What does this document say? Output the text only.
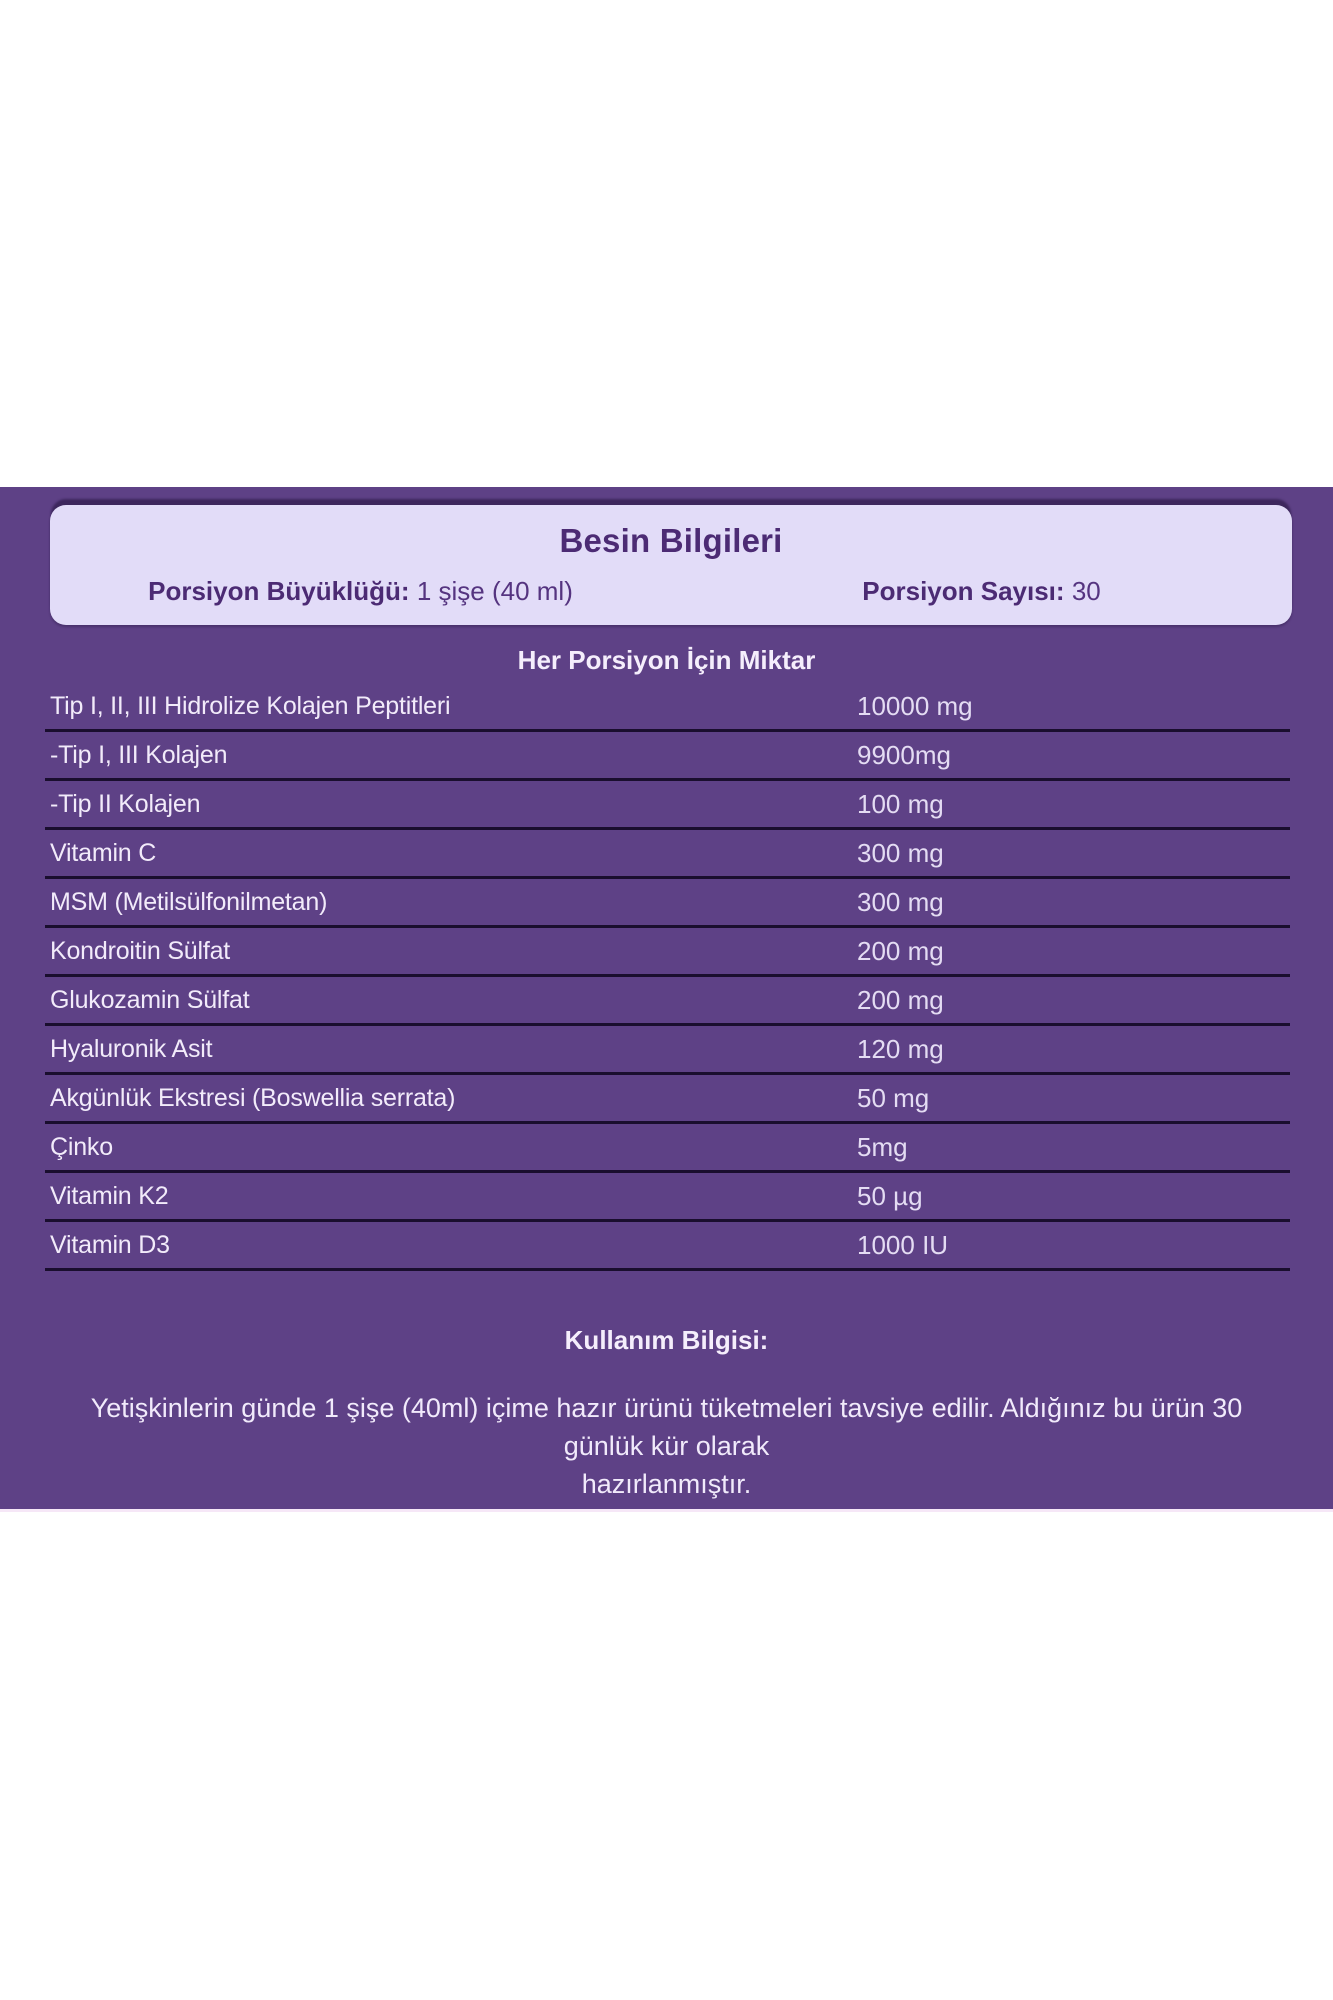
Besin Bilgileri
Porsiyon Büyüklüğü: 1 şişe (40 ml)	Porsiyon Sayısı: 30
Her Porsiyon İçin Miktar
Tip I, II, III Hidrolize Kolajen Peptitleri	10000 mg
-Tip I, III Kolajen	9900mg
-Tip II Kolajen	100 mg
Vitamin C	300 mg
MSM (Metilsülfonilmetan)	300 mg
Kondroitin Sülfat	200 mg
Glukozamin Sülfat	200 mg
Hyaluronik Asit	120 mg
Akgünlük Ekstresi (Boswellia serrata)	50 mg
Çinko	5mg
Vitamin K2	50 µg
Vitamin D3	1000 IU
Kullanım Bilgisi:
Yetişkinlerin günde 1 şişe (40ml) içime hazır ürünü tüketmeleri tavsiye edilir. Aldığınız bu ürün 30 günlük kür olarak
hazırlanmıştır.
